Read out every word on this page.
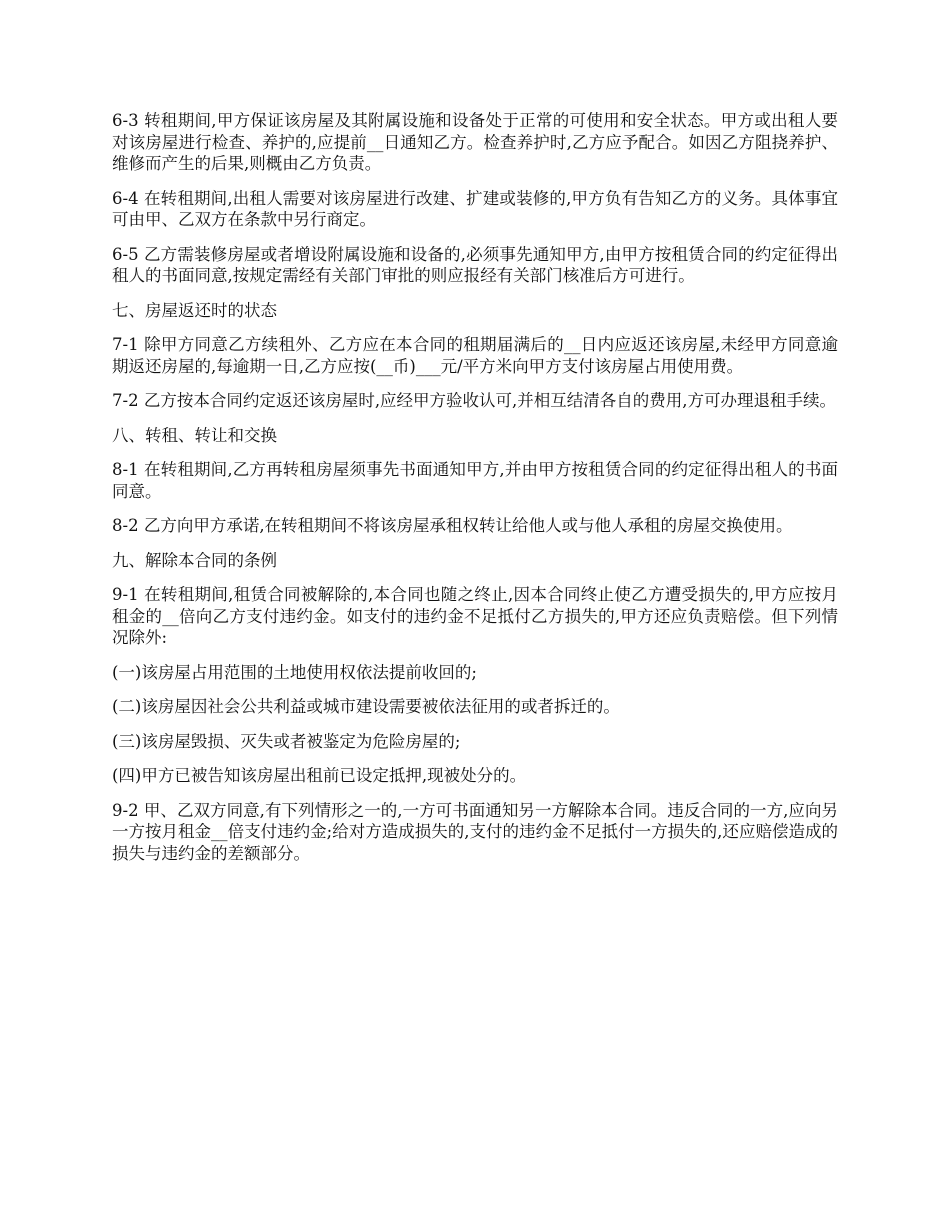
6-3 转租期间,甲方保证该房屋及其附属设施和设备处于正常的可使用和安全状态。甲方或出租人要对该房屋进行检查、养护的,应提前__日通知乙方。检查养护时,乙方应予配合。如因乙方阻挠养护、维修而产生的后果,则概由乙方负责。

6-4 在转租期间,出租人需要对该房屋进行改建、扩建或装修的,甲方负有告知乙方的义务。具体事宜可由甲、乙双方在条款中另行商定。

6-5 乙方需装修房屋或者增设附属设施和设备的,必须事先通知甲方,由甲方按租赁合同的约定征得出租人的书面同意,按规定需经有关部门审批的则应报经有关部门核准后方可进行。

七、房屋返还时的状态

7-1 除甲方同意乙方续租外、乙方应在本合同的租期届满后的__日内应返还该房屋,未经甲方同意逾期返还房屋的,每逾期一日,乙方应按(__币)___元/平方米向甲方支付该房屋占用使用费。

7-2 乙方按本合同约定返还该房屋时,应经甲方验收认可,并相互结清各自的费用,方可办理退租手续。

八、转租、转让和交换

8-1 在转租期间,乙方再转租房屋须事先书面通知甲方,并由甲方按租赁合同的约定征得出租人的书面同意。

8-2 乙方向甲方承诺,在转租期间不将该房屋承租权转让给他人或与他人承租的房屋交换使用。

九、解除本合同的条例

9-1 在转租期间,租赁合同被解除的,本合同也随之终止,因本合同终止使乙方遭受损失的,甲方应按月租金的__倍向乙方支付违约金。如支付的违约金不足抵付乙方损失的,甲方还应负责赔偿。但下列情况除外:

(一)该房屋占用范围的土地使用权依法提前收回的;

(二)该房屋因社会公共利益或城市建设需要被依法征用的或者拆迁的。

(三)该房屋毁损、灭失或者被鉴定为危险房屋的;

(四)甲方已被告知该房屋出租前已设定抵押,现被处分的。

9-2 甲、乙双方同意,有下列情形之一的,一方可书面通知另一方解除本合同。违反合同的一方,应向另一方按月租金__倍支付违约金;给对方造成损失的,支付的违约金不足抵付一方损失的,还应赔偿造成的损失与违约金的差额部分。
